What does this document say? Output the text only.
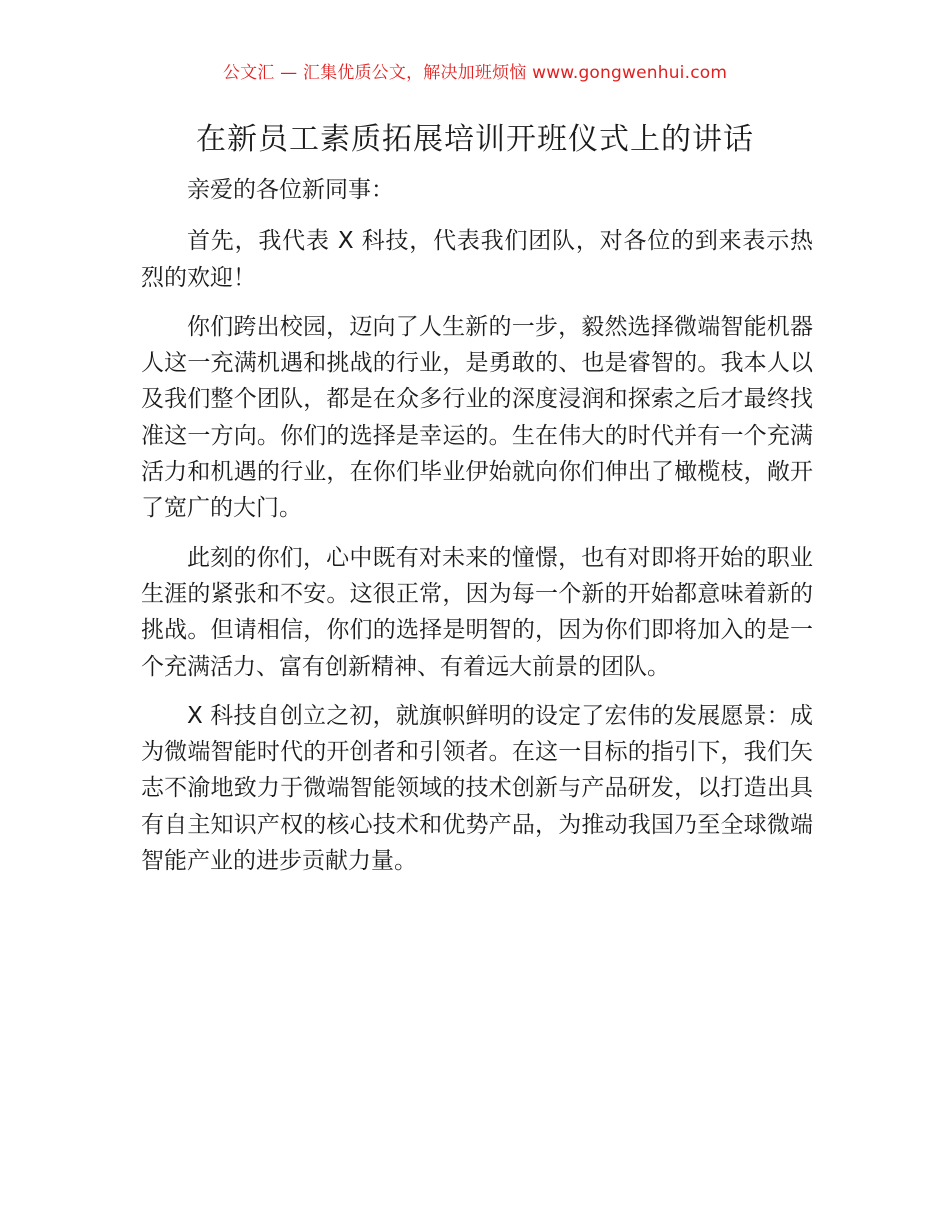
公文汇 — 汇集优质公文，解决加班烦恼 www.gongwenhui.com
在新员工素质拓展培训开班仪式上的讲话

亲爱的各位新同事：

首先，我代表 X 科技，代表我们团队，对各位的到来表示热烈的欢迎！

你们跨出校园，迈向了人生新的一步，毅然选择微端智能机器人这一充满机遇和挑战的行业，是勇敢的、也是睿智的。我本人以及我们整个团队，都是在众多行业的深度浸润和探索之后才最终找准这一方向。你们的选择是幸运的。生在伟大的时代并有一个充满活力和机遇的行业，在你们毕业伊始就向你们伸出了橄榄枝，敞开了宽广的大门。

此刻的你们，心中既有对未来的憧憬，也有对即将开始的职业生涯的紧张和不安。这很正常，因为每一个新的开始都意味着新的挑战。但请相信，你们的选择是明智的，因为你们即将加入的是一个充满活力、富有创新精神、有着远大前景的团队。

X 科技自创立之初，就旗帜鲜明的设定了宏伟的发展愿景：成为微端智能时代的开创者和引领者。在这一目标的指引下，我们矢志不渝地致力于微端智能领域的技术创新与产品研发，以打造出具有自主知识产权的核心技术和优势产品，为推动我国乃至全球微端智能产业的进步贡献力量。
